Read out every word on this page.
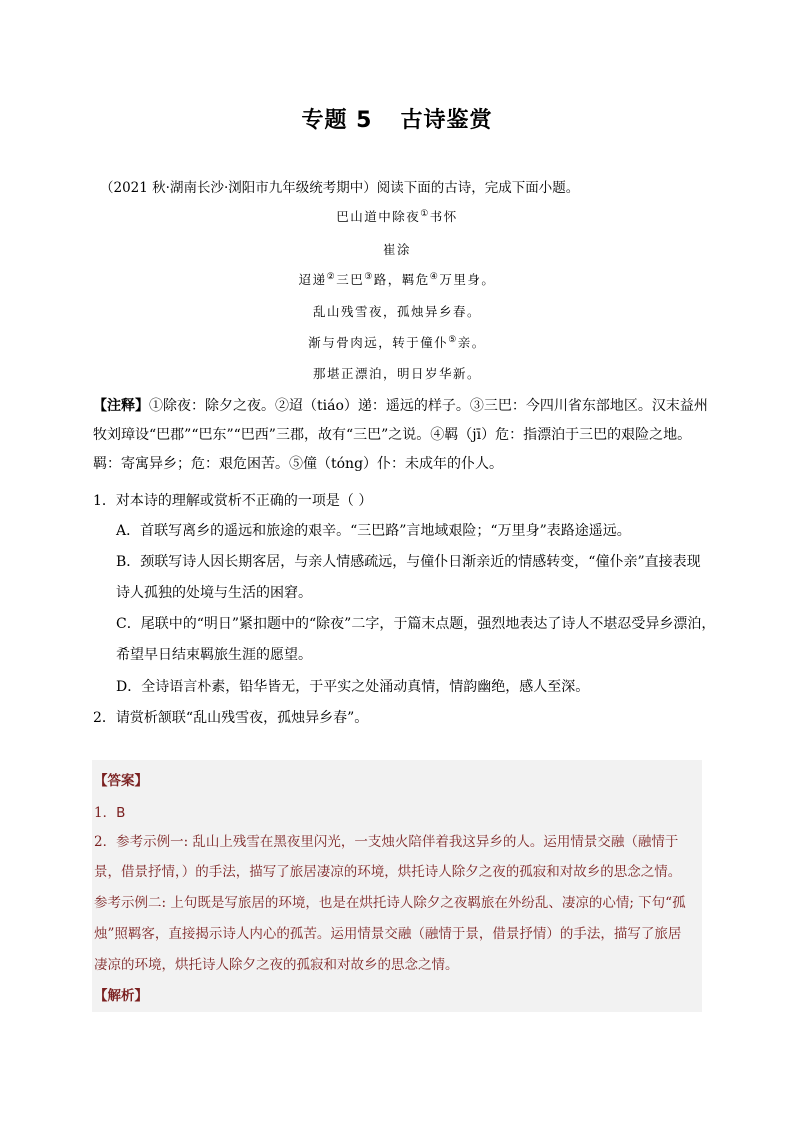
专题 5 古诗鉴赏
（2021 秋·湖南长沙·浏阳市九年级统考期中）阅读下面的古诗，完成下面小题。
巴山道中除夜①书怀
崔涂
迢递②三巴③路，羁危④万里身。
乱山残雪夜，孤烛异乡春。
渐与骨肉远，转于僮仆⑤亲。
那堪正漂泊，明日岁华新。
【注释】①除夜：除夕之夜。②迢（tiáo）递：遥远的样子。③三巴：今四川省东部地区。汉末益州牧刘璋设“巴郡”“巴东”“巴西”三郡，故有“三巴”之说。④羁（jī）危：指漂泊于三巴的艰险之地。羁：寄寓异乡；危：艰危困苦。⑤僮（tóng）仆：未成年的仆人。
1．对本诗的理解或赏析不正确的一项是（ ）
A．首联写离乡的遥远和旅途的艰辛。“三巴路”言地域艰险；“万里身”表路途遥远。
B．颈联写诗人因长期客居，与亲人情感疏远，与僮仆日渐亲近的情感转变，“僮仆亲”直接表现
诗人孤独的处境与生活的困窘。
C．尾联中的“明日”紧扣题中的“除夜”二字，于篇末点题，强烈地表达了诗人不堪忍受异乡漂泊，
希望早日结束羁旅生涯的愿望。
D．全诗语言朴素，铅华皆无，于平实之处涌动真情，情韵幽绝，感人至深。
2．请赏析颔联“乱山残雪夜，孤烛异乡春”。
【答案】
1．B
2．参考示例一: 乱山上残雪在黑夜里闪光，一支烛火陪伴着我这异乡的人。运用情景交融（融情于
景，借景抒情，）的手法，描写了旅居凄凉的环境，烘托诗人除夕之夜的孤寂和对故乡的思念之情。
参考示例二: 上句既是写旅居的环境，也是在烘托诗人除夕之夜羁旅在外纷乱、凄凉的心情; 下句“孤
烛”照羁客，直接揭示诗人内心的孤苦。运用情景交融（融情于景，借景抒情）的手法，描写了旅居
凄凉的环境，烘托诗人除夕之夜的孤寂和对故乡的思念之情。
【解析】
